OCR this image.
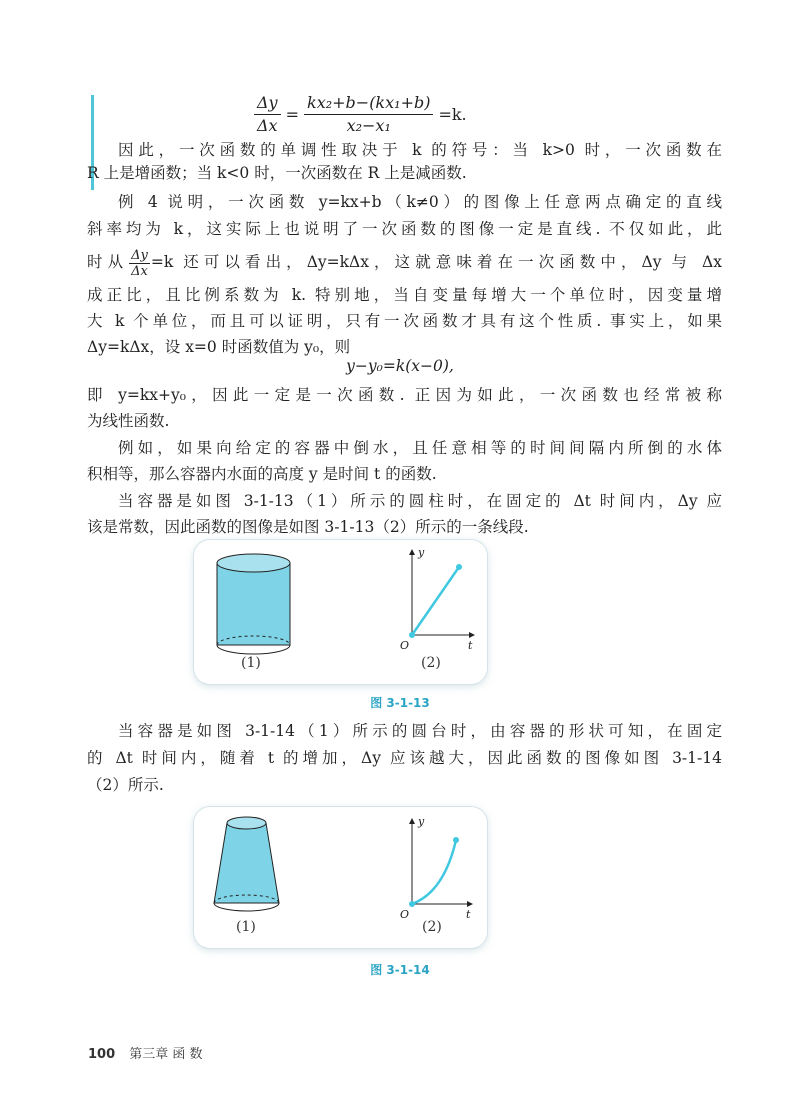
$\frac{\Delta y}{\Delta x} = \frac{\text{kx₂+b−(kx₁+b)}}{\text{x₂−x₁}} =k$.
因此，一次函数的单调性取决于 k 的符号：当 k>0 时，一次函数在
R 上是增函数；当 k<0 时，一次函数在 R 上是减函数.
例 4 说明，一次函数 y=kx+b（k≠0）的图像上任意两点确定的直线
斜率均为 k，这实际上也说明了一次函数的图像一定是直线. 不仅如此，此
时从 $\frac{\Delta y}{\Delta x} =k$ 还可以看出，Δy=kΔx，这就意味着在一次函数中，Δy 与 Δx
成正比，且比例系数为 k. 特别地，当自变量每增大一个单位时，因变量增
大 k 个单位，而且可以证明，只有一次函数才具有这个性质. 事实上，如果
Δy=kΔx，设 x=0 时函数值为 y₀，则
y−y₀=k(x−0),
即 y=kx+y₀，因此一定是一次函数. 正因为如此，一次函数也经常被称
为线性函数.
例如，如果向给定的容器中倒水，且任意相等的时间间隔内所倒的水体
积相等，那么容器内水面的高度 y 是时间 t 的函数.
当容器是如图 3-1-13（1）所示的圆柱时，在固定的 Δt 时间内，Δy 应
该是常数，因此函数的图像是如图 3-1-13（2）所示的一条线段.
y
t
O
(1)	(2)
图 3-1-13
当容器是如图 3-1-14（1）所示的圆台时，由容器的形状可知，在固定
的 Δt 时间内，随着 t 的增加，Δy 应该越大，因此函数的图像如图 3-1-14
（2）所示.
y
t
O
(1)	(2)
图 3-1-14
100 第三章 函 数
